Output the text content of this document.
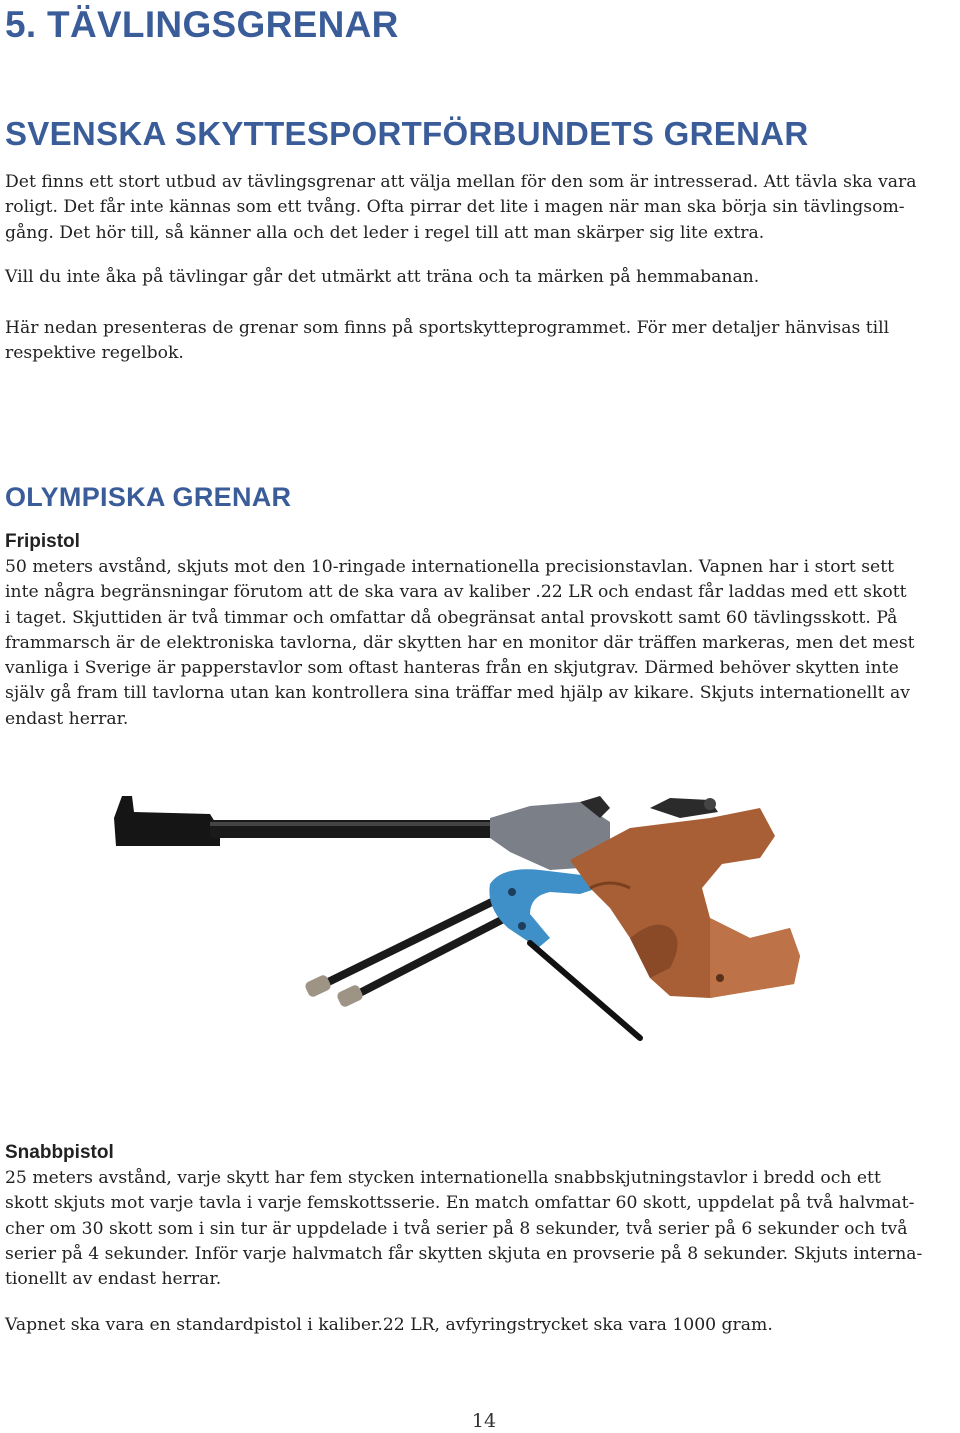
5. TÄVLINGSGRENAR
SVENSKA SKYTTESPORTFÖRBUNDETS GRENAR

Det finns ett stort utbud av tävlingsgrenar att välja mellan för den som är intresserad. Att tävla ska vara
roligt. Det får inte kännas som ett tvång. Ofta pirrar det lite i magen när man ska börja sin tävlingsom-
gång. Det hör till, så känner alla och det leder i regel till att man skärper sig lite extra.

Vill du inte åka på tävlingar går det utmärkt att träna och ta märken på hemmabanan.

Här nedan presenteras de grenar som finns på sportskytteprogrammet. För mer detaljer hänvisas till
respektive regelbok.

OLYMPISKA GRENAR
Fripistol

50 meters avstånd, skjuts mot den 10-ringade internationella precisionstavlan. Vapnen har i stort sett
inte några begränsningar förutom att de ska vara av kaliber .22 LR och endast får laddas med ett skott
i taget. Skjuttiden är två timmar och omfattar då obegränsat antal provskott samt 60 tävlingsskott. På
frammarsch är de elektroniska tavlorna, där skytten har en monitor där träffen markeras, men det mest
vanliga i Sverige är papperstavlor som oftast hanteras från en skjutgrav. Därmed behöver skytten inte
själv gå fram till tavlorna utan kan kontrollera sina träffar med hjälp av kikare. Skjuts internationellt av
endast herrar.

Snabbpistol

25 meters avstånd, varje skytt har fem stycken internationella snabbskjutningstavlor i bredd och ett
skott skjuts mot varje tavla i varje femskottsserie. En match omfattar 60 skott, uppdelat på två halvmat-
cher om 30 skott som i sin tur är uppdelade i två serier på 8 sekunder, två serier på 6 sekunder och två
serier på 4 sekunder. Inför varje halvmatch får skytten skjuta en provserie på 8 sekunder. Skjuts interna-
tionellt av endast herrar.

Vapnet ska vara en standardpistol i kaliber.22 LR, avfyringstrycket ska vara 1000 gram.

14
